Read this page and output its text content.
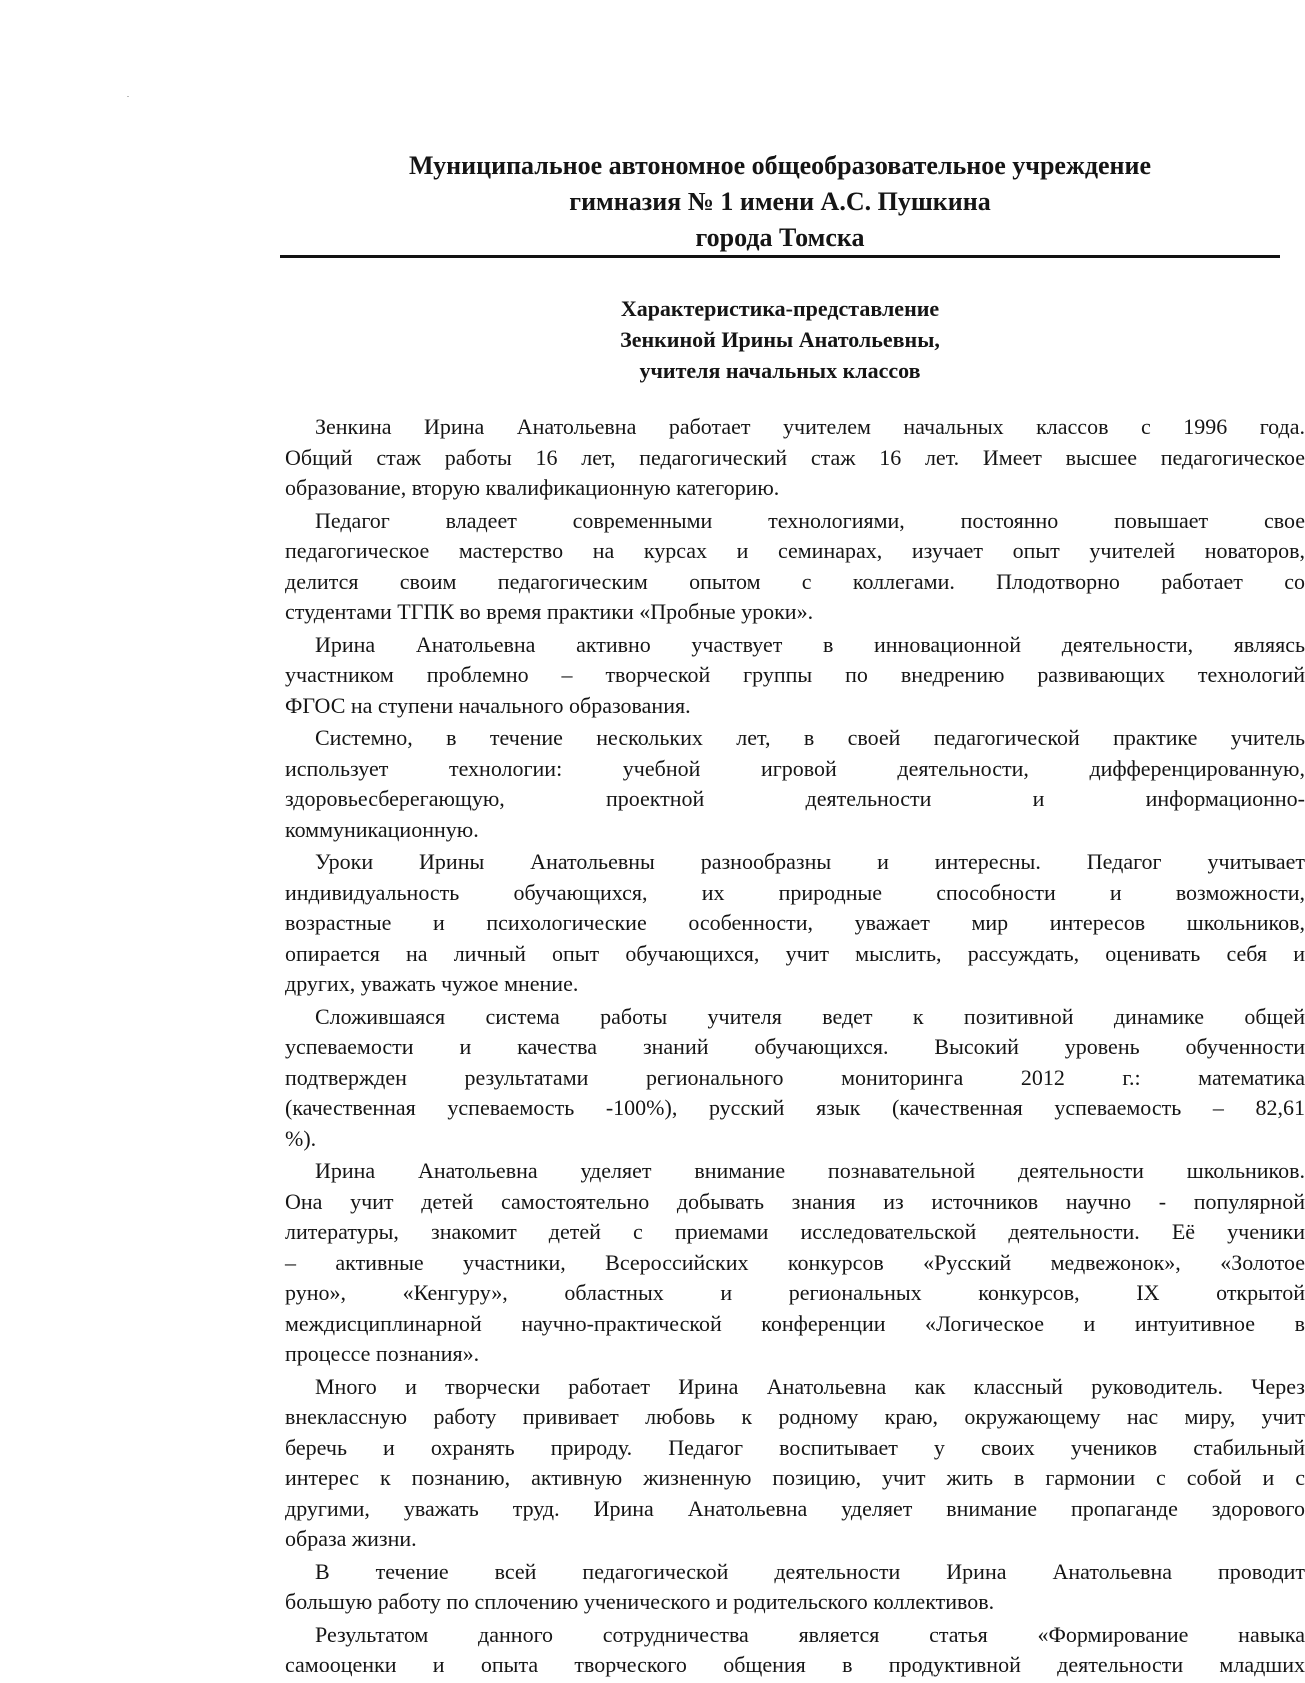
Муниципальное автономное общеобразовательное учреждение
гимназия № 1 имени А.С. Пушкина
города Томска
Характеристика-представление
Зенкиной Ирины Анатольевны,
учителя начальных классов
Зенкина Ирина Анатольевна работает учителем начальных классов с 1996 года.
Общий стаж работы 16 лет, педагогический стаж 16 лет. Имеет высшее педагогическое
образование, вторую квалификационную категорию.
Педагог владеет современными технологиями, постоянно повышает свое
педагогическое мастерство на курсах и семинарах, изучает опыт учителей новаторов,
делится своим педагогическим опытом с коллегами. Плодотворно работает со
студентами ТГПК во время практики «Пробные уроки».
Ирина Анатольевна активно участвует в инновационной деятельности, являясь
участником проблемно – творческой группы по внедрению развивающих технологий
ФГОС на ступени начального образования.
Системно, в течение нескольких лет, в своей педагогической практике учитель
использует технологии: учебной игровой деятельности, дифференцированную,
здоровьесберегающую, проектной деятельности и информационно-
коммуникационную.
Уроки Ирины Анатольевны разнообразны и интересны. Педагог учитывает
индивидуальность обучающихся, их природные способности и возможности,
возрастные и психологические особенности, уважает мир интересов школьников,
опирается на личный опыт обучающихся, учит мыслить, рассуждать, оценивать себя и
других, уважать чужое мнение.
Сложившаяся система работы учителя ведет к позитивной динамике общей
успеваемости и качества знаний обучающихся. Высокий уровень обученности
подтвержден результатами регионального мониторинга 2012 г.: математика
(качественная успеваемость -100%), русский язык (качественная успеваемость – 82,61
%).
Ирина Анатольевна уделяет внимание познавательной деятельности школьников.
Она учит детей самостоятельно добывать знания из источников научно - популярной
литературы, знакомит детей с приемами исследовательской деятельности. Её ученики
– активные участники, Всероссийских конкурсов «Русский медвежонок», «Золотое
руно», «Кенгуру», областных и региональных конкурсов, IX открытой
междисциплинарной научно-практической конференции «Логическое и интуитивное в
процессе познания».
Много и творчески работает Ирина Анатольевна как классный руководитель. Через
внеклассную работу прививает любовь к родному краю, окружающему нас миру, учит
беречь и охранять природу. Педагог воспитывает у своих учеников стабильный
интерес к познанию, активную жизненную позицию, учит жить в гармонии с собой и с
другими, уважать труд. Ирина Анатольевна уделяет внимание пропаганде здорового
образа жизни.
В течение всей педагогической деятельности Ирина Анатольевна проводит
большую работу по сплочению ученического и родительского коллективов.
Результатом данного сотрудничества является статья «Формирование навыка
самооценки и опыта творческого общения в продуктивной деятельности младших
